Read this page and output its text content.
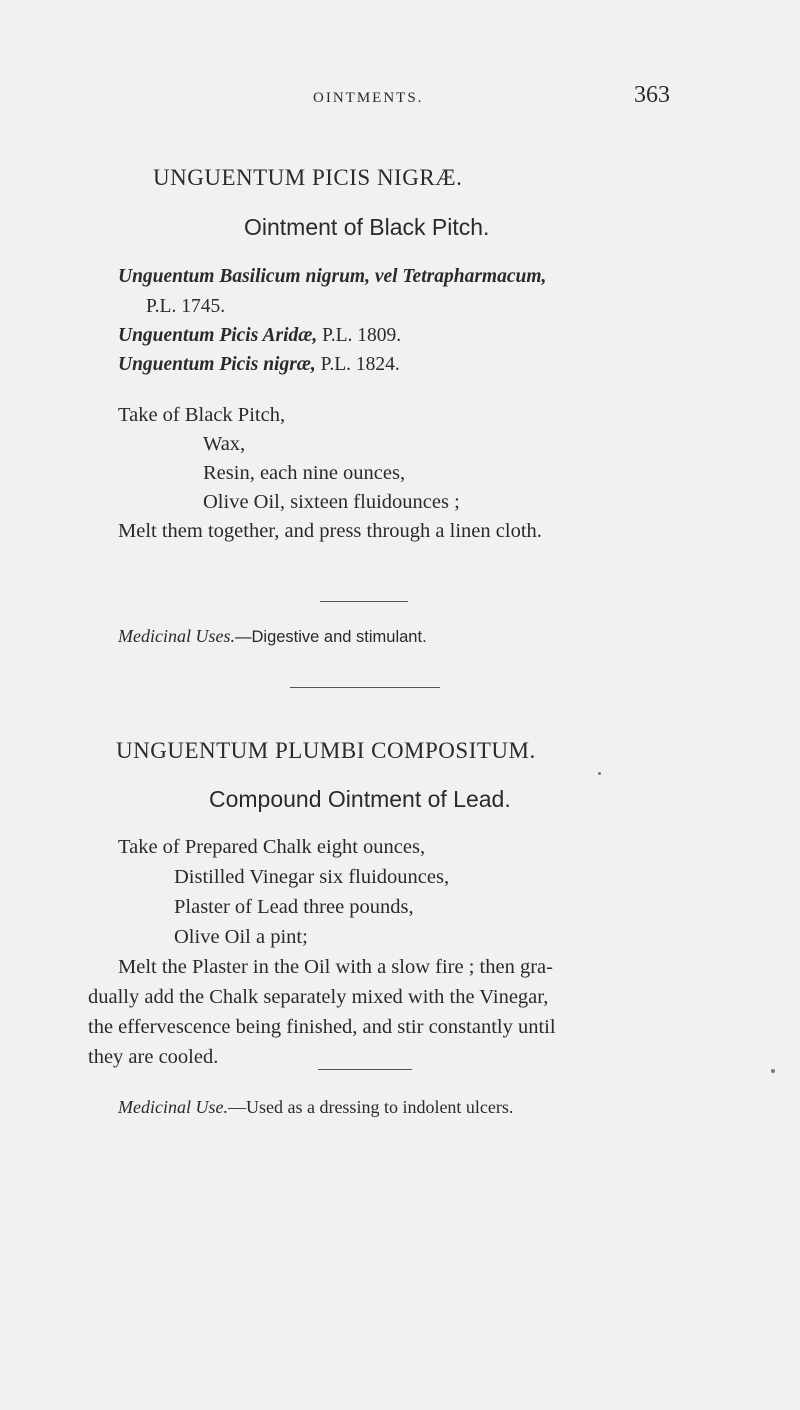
OINTMENTS.	363
UNGUENTUM PICIS NIGRÆ.
Ointment of Black Pitch.
Unguentum Basilicum nigrum, vel Tetrapharmacum,
P.L. 1745.
Unguentum Picis Aridæ, P.L. 1809.
Unguentum Picis nigræ, P.L. 1824.
Take of Black Pitch,
Wax,
Resin, each nine ounces,
Olive Oil, sixteen fluidounces ;
Melt them together, and press through a linen cloth.
Medicinal Uses.—Digestive and stimulant.
UNGUENTUM PLUMBI COMPOSITUM.
Compound Ointment of Lead.
Take of Prepared Chalk eight ounces,
Distilled Vinegar six fluidounces,
Plaster of Lead three pounds,
Olive Oil a pint;
Melt the Plaster in the Oil with a slow fire ; then gra-
dually add the Chalk separately mixed with the Vinegar,
the effervescence being finished, and stir constantly until
they are cooled.
Medicinal Use.—Used as a dressing to indolent ulcers.
